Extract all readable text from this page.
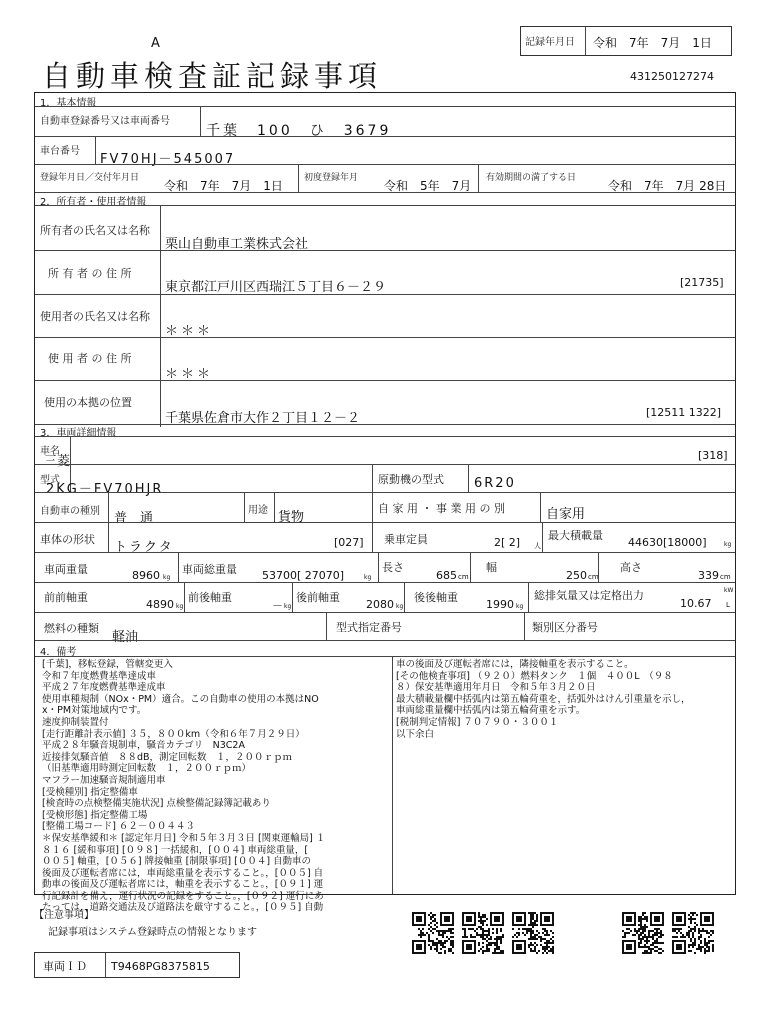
A
自動車検査証記録事項
記録年月日 令和　7年　7月　1日
431250127274
1．基本情報
自動車登録番号又は車両番号
千葉　100　ひ　3679
車台番号
FV70HJ－545007
登録年月日／交付年月日
令和　7年　7月　1日
初度登録年月
令和　5年　7月
有効期間の満了する日
令和　7年　7月 28日
2．所有者・使用者情報
所有者の氏名又は名称
栗山自動車工業株式会社
所 有 者 の 住 所
東京都江戸川区西瑞江５丁目６－２９	[21735]
使用者の氏名又は名称
＊＊＊
使 用 者 の 住 所
＊＊＊
使用の本拠の位置
千葉県佐倉市大作２丁目１２－２	[12511 1322]
3．車両詳細情報
車名
三菱	[318]
型式
2KG－FV70HJR
原動機の型式 6R20
自動車の種別 普　通
用途 貨物
自 家 用 ・ 事 業 用 の 別	自家用
車体の形状
トラクタ	[027] 乗車定員	2[ 2] 人
最大積載量
44630[18000]	kg
車両重量	8960 kg
車両総重量 53700[ 27070]	kg
長さ
685 cm
幅
250 cm
高さ
339 cm
前前軸重
4890 kg
前後軸重
－ kg
後前軸重
2080 kg
後後軸重
1990 kg
総排気量又は定格出力
10.67
kW
L
燃料の種類
軽油
型式指定番号	類別区分番号
4．備考
[千葉]，移転登録，管轄変更入
令和７年度燃費基準達成車
平成２７年度燃費基準達成車
使用車種規制（NOx・PM）適合。この自動車の使用の本拠はNO
x・PM対策地域内です。
速度抑制装置付
[走行距離計表示値] ３５，８００km（令和６年７月２９日）
平成２８年騒音規制車，騒音カテゴリ　N3C2A
近接排気騒音値　８８dB，測定回転数　１，２００ｒｐｍ
（旧基準適用時測定回転数　１，２００ｒｐｍ）
マフラー加速騒音規制適用車
[受検種別] 指定整備車
[検査時の点検整備実施状況] 点検整備記録簿記載あり
[受検形態] 指定整備工場
[整備工場コード] ６２－００４４３
＊保安基準緩和＊ [認定年月日] 令和５年３月３日 [関東運輸局] １
８１６ [緩和事項] [０９８] 一括緩和，[００４] 車両総重量，[
００５] 軸重，[０５６] 牌接軸重 [制限事項] [００４] 自動車の
後面及び運転者席には，車両総重量を表示すること。，[００５] 自
動車の後面及び運転者席には，軸重を表示すること。，[０９１] 運
行記録計を備え，運行状況の記録をすること。，[０９２] 運行にあ
たっては，道路交通法及び道路法を厳守すること。，[０９５] 自動
車の後面及び運転者席には，隣接軸重を表示すること。
[その他検査事項] （９２０）燃料タンク　１個　４００L　（９８
８）保安基準適用年月日　令和５年３月２０日
最大積載量欄中括弧内は第五輪荷重を，括弧外はけん引重量を示し，
車両総重量欄中括弧内は第五輪荷重を示す。
[税制判定情報] ７０７９０・３００１
以下余白
【注意事項】
記録事項はシステム登録時点の情報となります
車両ＩＤ T9468PG8375815
